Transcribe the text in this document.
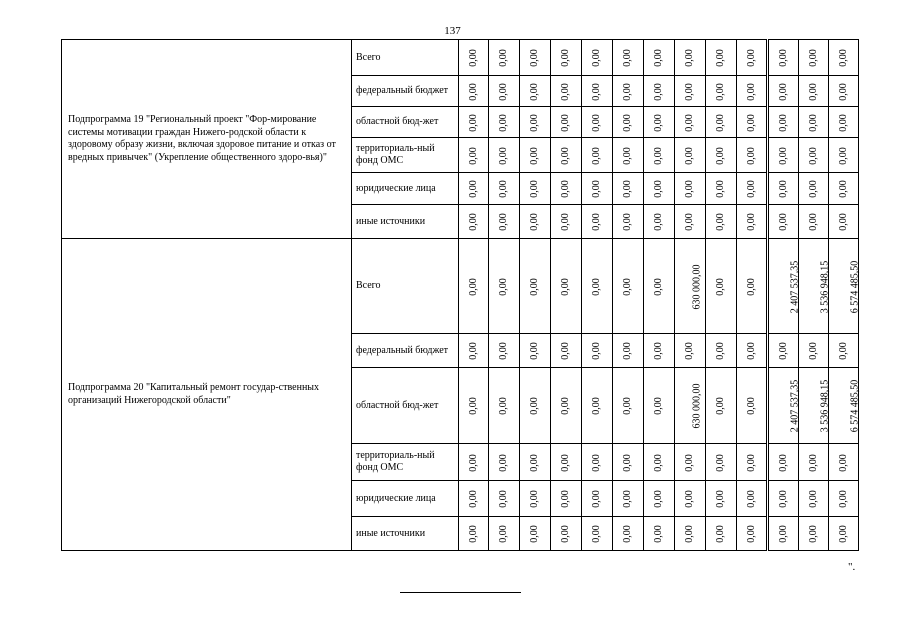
137
Подпрограмма 19 "Региональный проект "Фор-мирование системы мотивации граждан Нижего-родской области к здоровому образу жизни, включая здоровое питание и отказ от вредных привычек" (Укрепление общественного здоро-вья)"	Всего	0,00	0,00	0,00	0,00	0,00	0,00	0,00	0,00	0,00	0,00	0,00	0,00	0,00
	федеральный бюджет	0,00	0,00	0,00	0,00	0,00	0,00	0,00	0,00	0,00	0,00	0,00	0,00	0,00
	областной бюд-жет	0,00	0,00	0,00	0,00	0,00	0,00	0,00	0,00	0,00	0,00	0,00	0,00	0,00
	территориаль-ный фонд ОМС	0,00	0,00	0,00	0,00	0,00	0,00	0,00	0,00	0,00	0,00	0,00	0,00	0,00
	юридические лица	0,00	0,00	0,00	0,00	0,00	0,00	0,00	0,00	0,00	0,00	0,00	0,00	0,00
	иные источники	0,00	0,00	0,00	0,00	0,00	0,00	0,00	0,00	0,00	0,00	0,00	0,00	0,00
Подпрограмма 20 "Капитальный ремонт государ-ственных организаций Нижегородской области"	Всего	0,00	0,00	0,00	0,00	0,00	0,00	0,00	630 000,00	0,00	0,00	2 407 537,35	3 536 948,15	6 574 485,50
	федеральный бюджет	0,00	0,00	0,00	0,00	0,00	0,00	0,00	0,00	0,00	0,00	0,00	0,00	0,00
	областной бюд-жет	0,00	0,00	0,00	0,00	0,00	0,00	0,00	630 000,00	0,00	0,00	2 407 537,35	3 536 948,15	6 574 485,50
	территориаль-ный фонд ОМС	0,00	0,00	0,00	0,00	0,00	0,00	0,00	0,00	0,00	0,00	0,00	0,00	0,00
	юридические лица	0,00	0,00	0,00	0,00	0,00	0,00	0,00	0,00	0,00	0,00	0,00	0,00	0,00
	иные источники	0,00	0,00	0,00	0,00	0,00	0,00	0,00	0,00	0,00	0,00	0,00	0,00	0,00
".
